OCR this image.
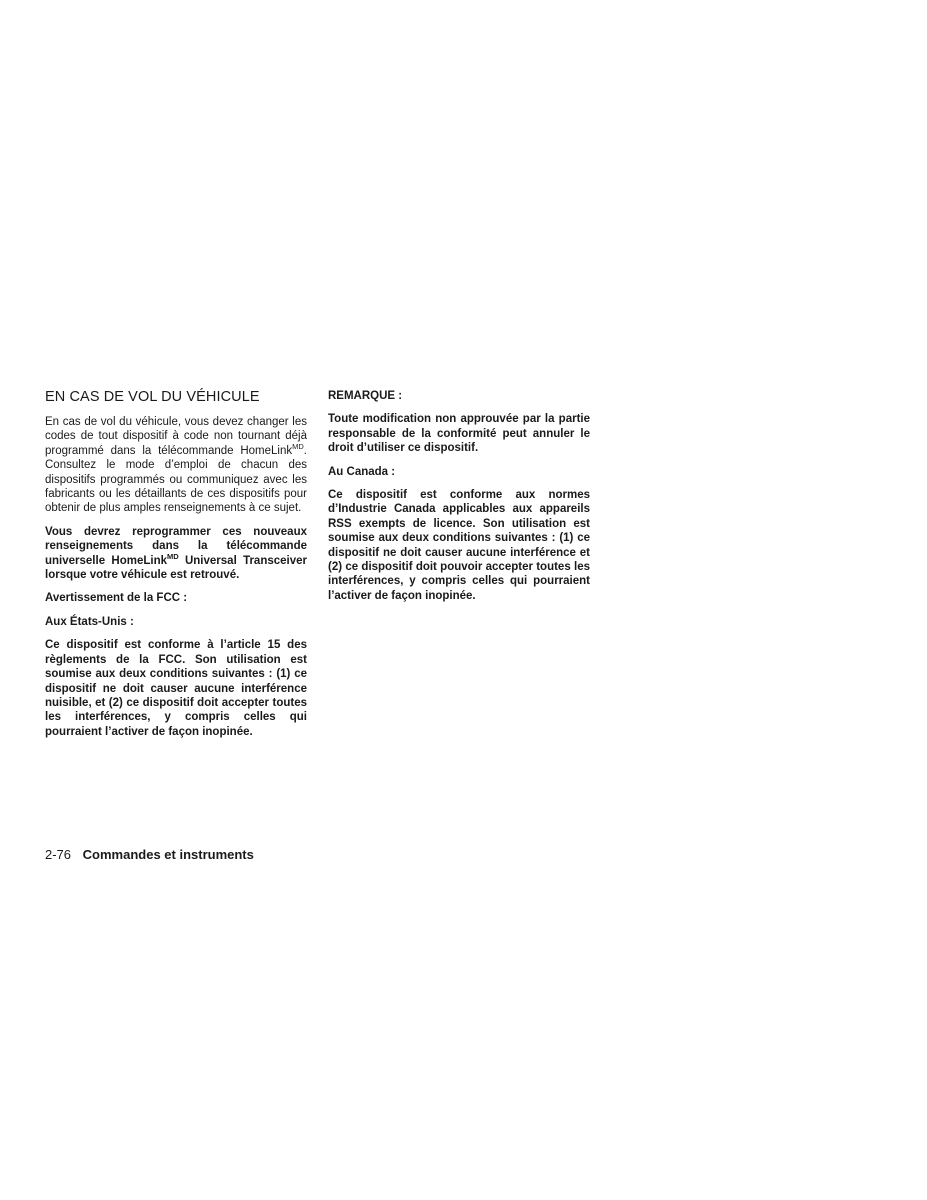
EN CAS DE VOL DU VÉHICULE

En cas de vol du véhicule, vous devez changer les codes de tout dispositif à code non tournant déjà programmé dans la télécommande HomeLink$^{MD}$. Consultez le mode d’emploi de chacun des dispositifs programmés ou communiquez avec les fabricants ou les détaillants de ces dispositifs pour obtenir de plus amples renseignements à ce sujet.

Vous devrez reprogrammer ces nouveaux renseignements dans la télécommande universelle HomeLink$^{MD}$ Universal Transceiver lorsque votre véhicule est retrouvé.

Avertissement de la FCC :

Aux États-Unis :

Ce dispositif est conforme à l’article 15 des règlements de la FCC. Son utilisation est soumise aux deux conditions suivantes : (1) ce dispositif ne doit causer aucune interférence nuisible, et (2) ce dispositif doit accepter toutes les interférences, y compris celles qui pourraient l’activer de façon inopinée.

REMARQUE :

Toute modification non approuvée par la partie responsable de la conformité peut annuler le droit d’utiliser ce dispositif.

Au Canada :

Ce dispositif est conforme aux normes d’Industrie Canada applicables aux appareils RSS exempts de licence. Son utilisation est soumise aux deux conditions suivantes : (1) ce dispositif ne doit causer aucune interférence et (2) ce dispositif doit pouvoir accepter toutes les interférences, y compris celles qui pourraient l’activer de façon inopinée.

2-76 Commandes et instruments
